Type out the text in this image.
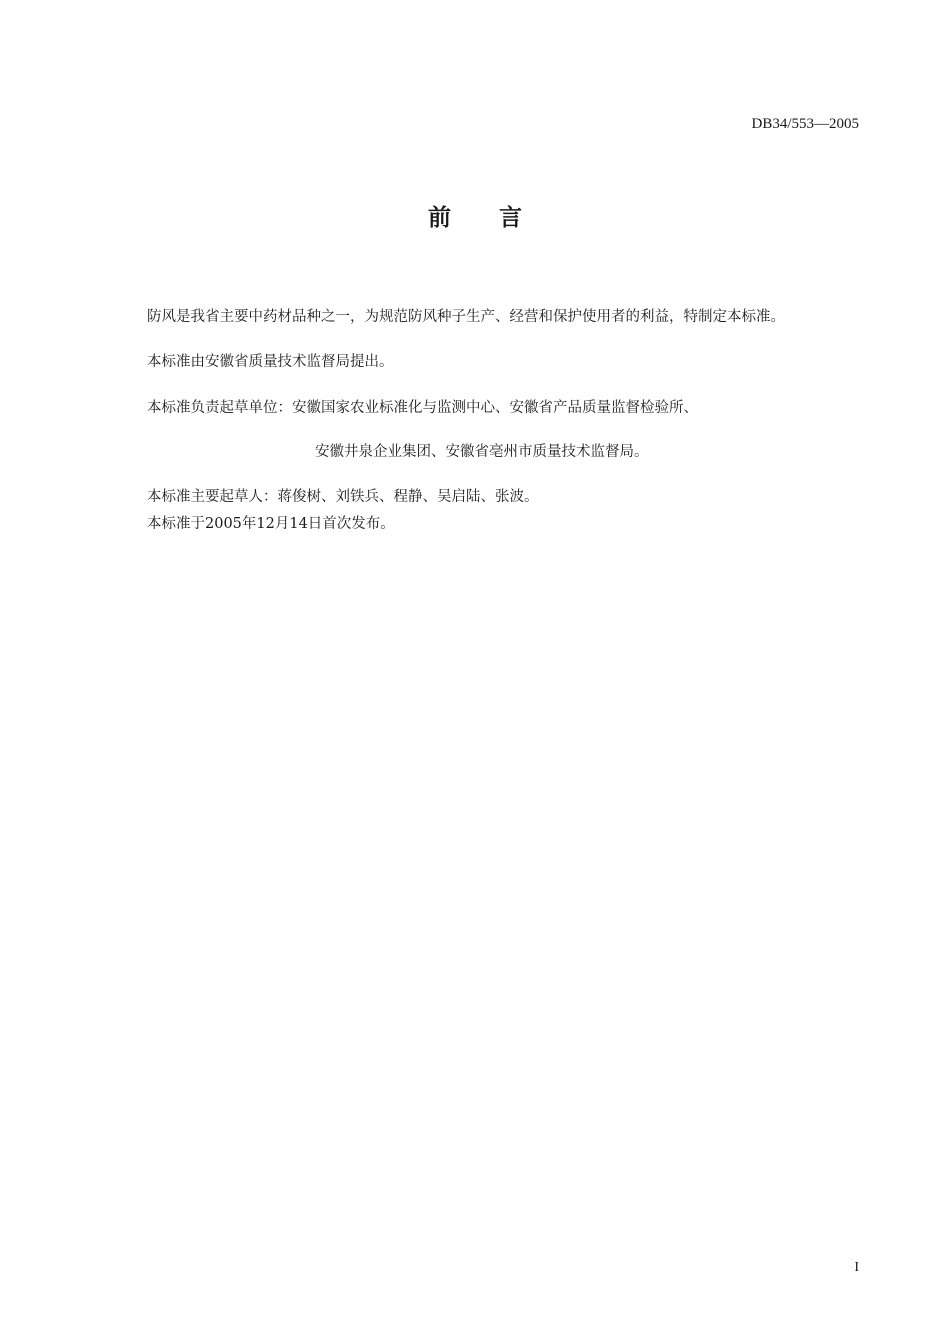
DB34/553—2005
前 言
防风是我省主要中药材品种之一，为规范防风种子生产、经营和保护使用者的利益，特制定本标准。
本标准由安徽省质量技术监督局提出。
本标准负责起草单位：安徽国家农业标准化与监测中心、安徽省产品质量监督检验所、
安徽井泉企业集团、安徽省亳州市质量技术监督局。
本标准主要起草人：蒋俊树、刘铁兵、程静、吴启陆、张波。
本标准于2005年12月14日首次发布。
I
